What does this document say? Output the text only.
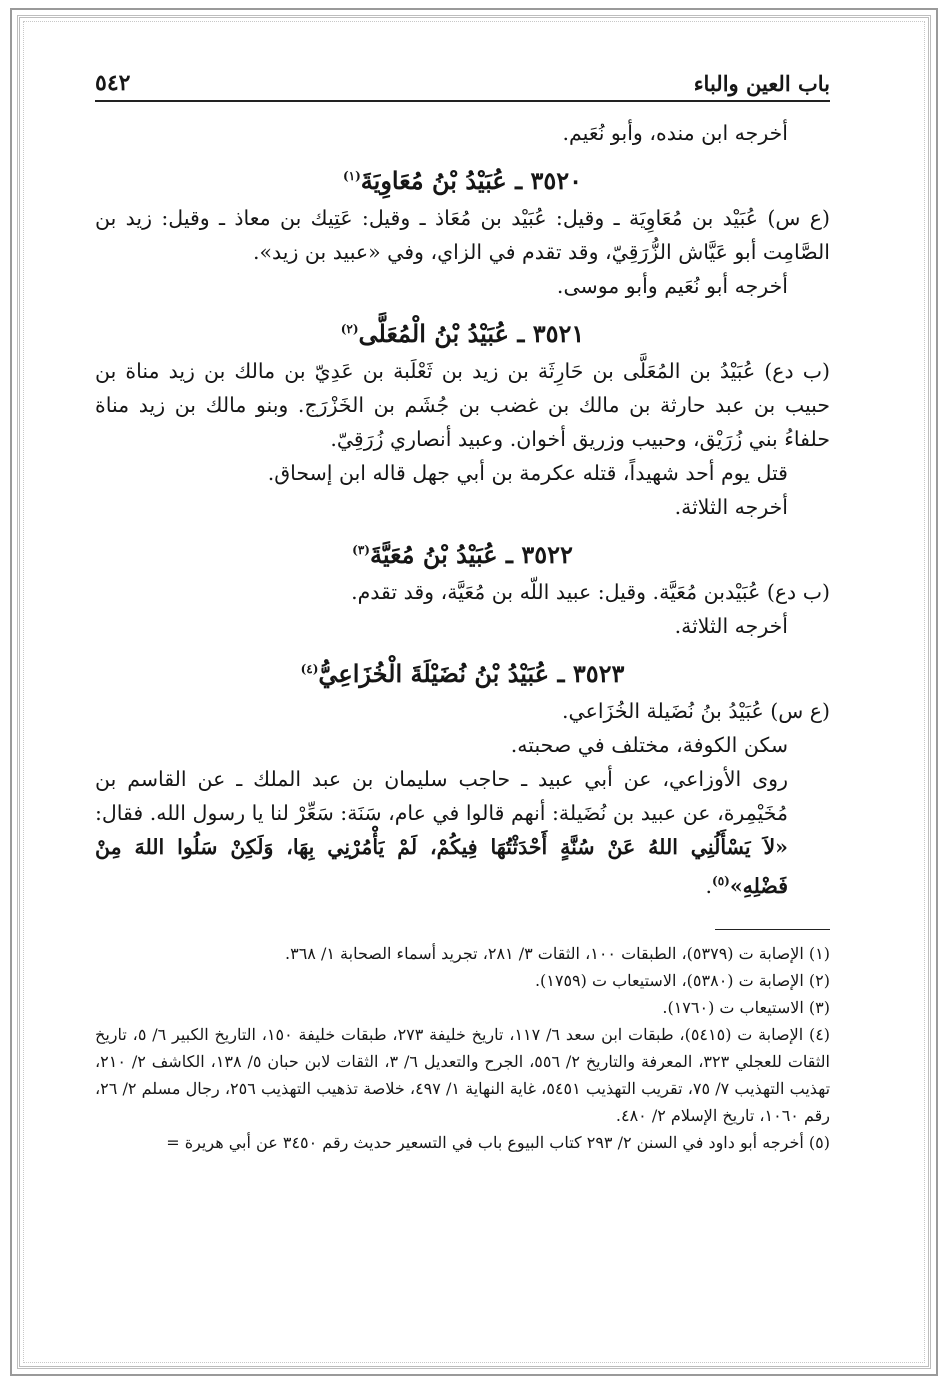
باب العين والباء
٥٤٢

أخرجه ابن منده، وأبو نُعَيم.

٣٥٢٠ ـ عُبَيْدُ بْنُ مُعَاوِيَةَ$^{(١)}$

(ع س) عُبَيْد بن مُعَاوِيَة ـ وقيل: عُبَيْد بن مُعَاذ ـ وقيل: عَتِيك بن معاذ ـ وقيل: زيد بن الصَّامِت أبو عَيَّاش الزُّرَقِيّ، وقد تقدم في الزاي، وفي «عبيد بن زيد».

أخرجه أبو نُعَيم وأبو موسى.

٣٥٢١ ـ عُبَيْدُ بْنُ الْمُعَلَّى$^{(٢)}$

(ب دع) عُبَيْدُ بن المُعَلَّى بن حَارِثَة بن زيد بن ثَعْلَبة بن عَدِيّ بن مالك بن زيد مناة بن حبيب بن عبد حارثة بن مالك بن غضب بن جُشَم بن الخَزْرَج. وبنو مالك بن زيد مناة حلفاءُ بني زُرَيْق، وحبيب وزريق أخوان. وعبيد أنصاري زُرَقِيّ.

قتل يوم أحد شهيداً، قتله عكرمة بن أبي جهل قاله ابن إسحاق.

أخرجه الثلاثة.

٣٥٢٢ ـ عُبَيْدُ بْنُ مُعَيَّةَ$^{(٣)}$

(ب دع) عُبَيْدبن مُعَيَّة. وقيل: عبيد اللّه بن مُعَيَّة، وقد تقدم.

أخرجه الثلاثة.

٣٥٢٣ ـ عُبَيْدُ بْنُ نُضَيْلَةَ الْخُزَاعِيُّ$^{(٤)}$

(ع س) عُبَيْدُ بنُ نُضَيلة الخُزَاعي.

سكن الكوفة، مختلف في صحبته.

روى الأوزاعي، عن أبي عبيد ـ حاجب سليمان بن عبد الملك ـ عن القاسم بن مُخَيْمِرة، عن عبيد بن نُضَيلة: أنهم قالوا في عام، سَنَة: سَعِّرْ لنا يا رسول الله. فقال: «لاَ يَسْأَلُنِي اللهُ عَنْ سُنَّةٍ أَحْدَثْتُهَا فِيكُمْ، لَمْ يَأْمُرْنِي بِهَا، وَلَكِنْ سَلُوا اللهَ مِنْ فَضْلِهِ»$^{(٥)}$.

(١) الإصابة ت (٥٣٧٩)، الطبقات ١٠٠، الثقات ٣/ ٢٨١، تجريد أسماء الصحابة ١/ ٣٦٨.

(٢) الإصابة ت (٥٣٨٠)، الاستيعاب ت (١٧٥٩).

(٣) الاستيعاب ت (١٧٦٠).

(٤) الإصابة ت (٥٤١٥)، طبقات ابن سعد ٦/ ١١٧، تاريخ خليفة ٢٧٣، طبقات خليفة ١٥٠، التاريخ الكبير ٦/ ٥، تاريخ الثقات للعجلي ٣٢٣، المعرفة والتاريخ ٢/ ٥٥٦، الجرح والتعديل ٦/ ٣، الثقات لابن حبان ٥/ ١٣٨، الكاشف ٢/ ٢١٠، تهذيب التهذيب ٧/ ٧٥، تقريب التهذيب ٥٤٥١، غاية النهاية ١/ ٤٩٧، خلاصة تذهيب التهذيب ٢٥٦، رجال مسلم ٢/ ٢٦، رقم ١٠٦٠، تاريخ الإسلام ٢/ ٤٨٠.

(٥) أخرجه أبو داود في السنن ٢/ ٢٩٣ كتاب البيوع باب في التسعير حديث رقم ٣٤٥٠ عن أبي هريرة =
